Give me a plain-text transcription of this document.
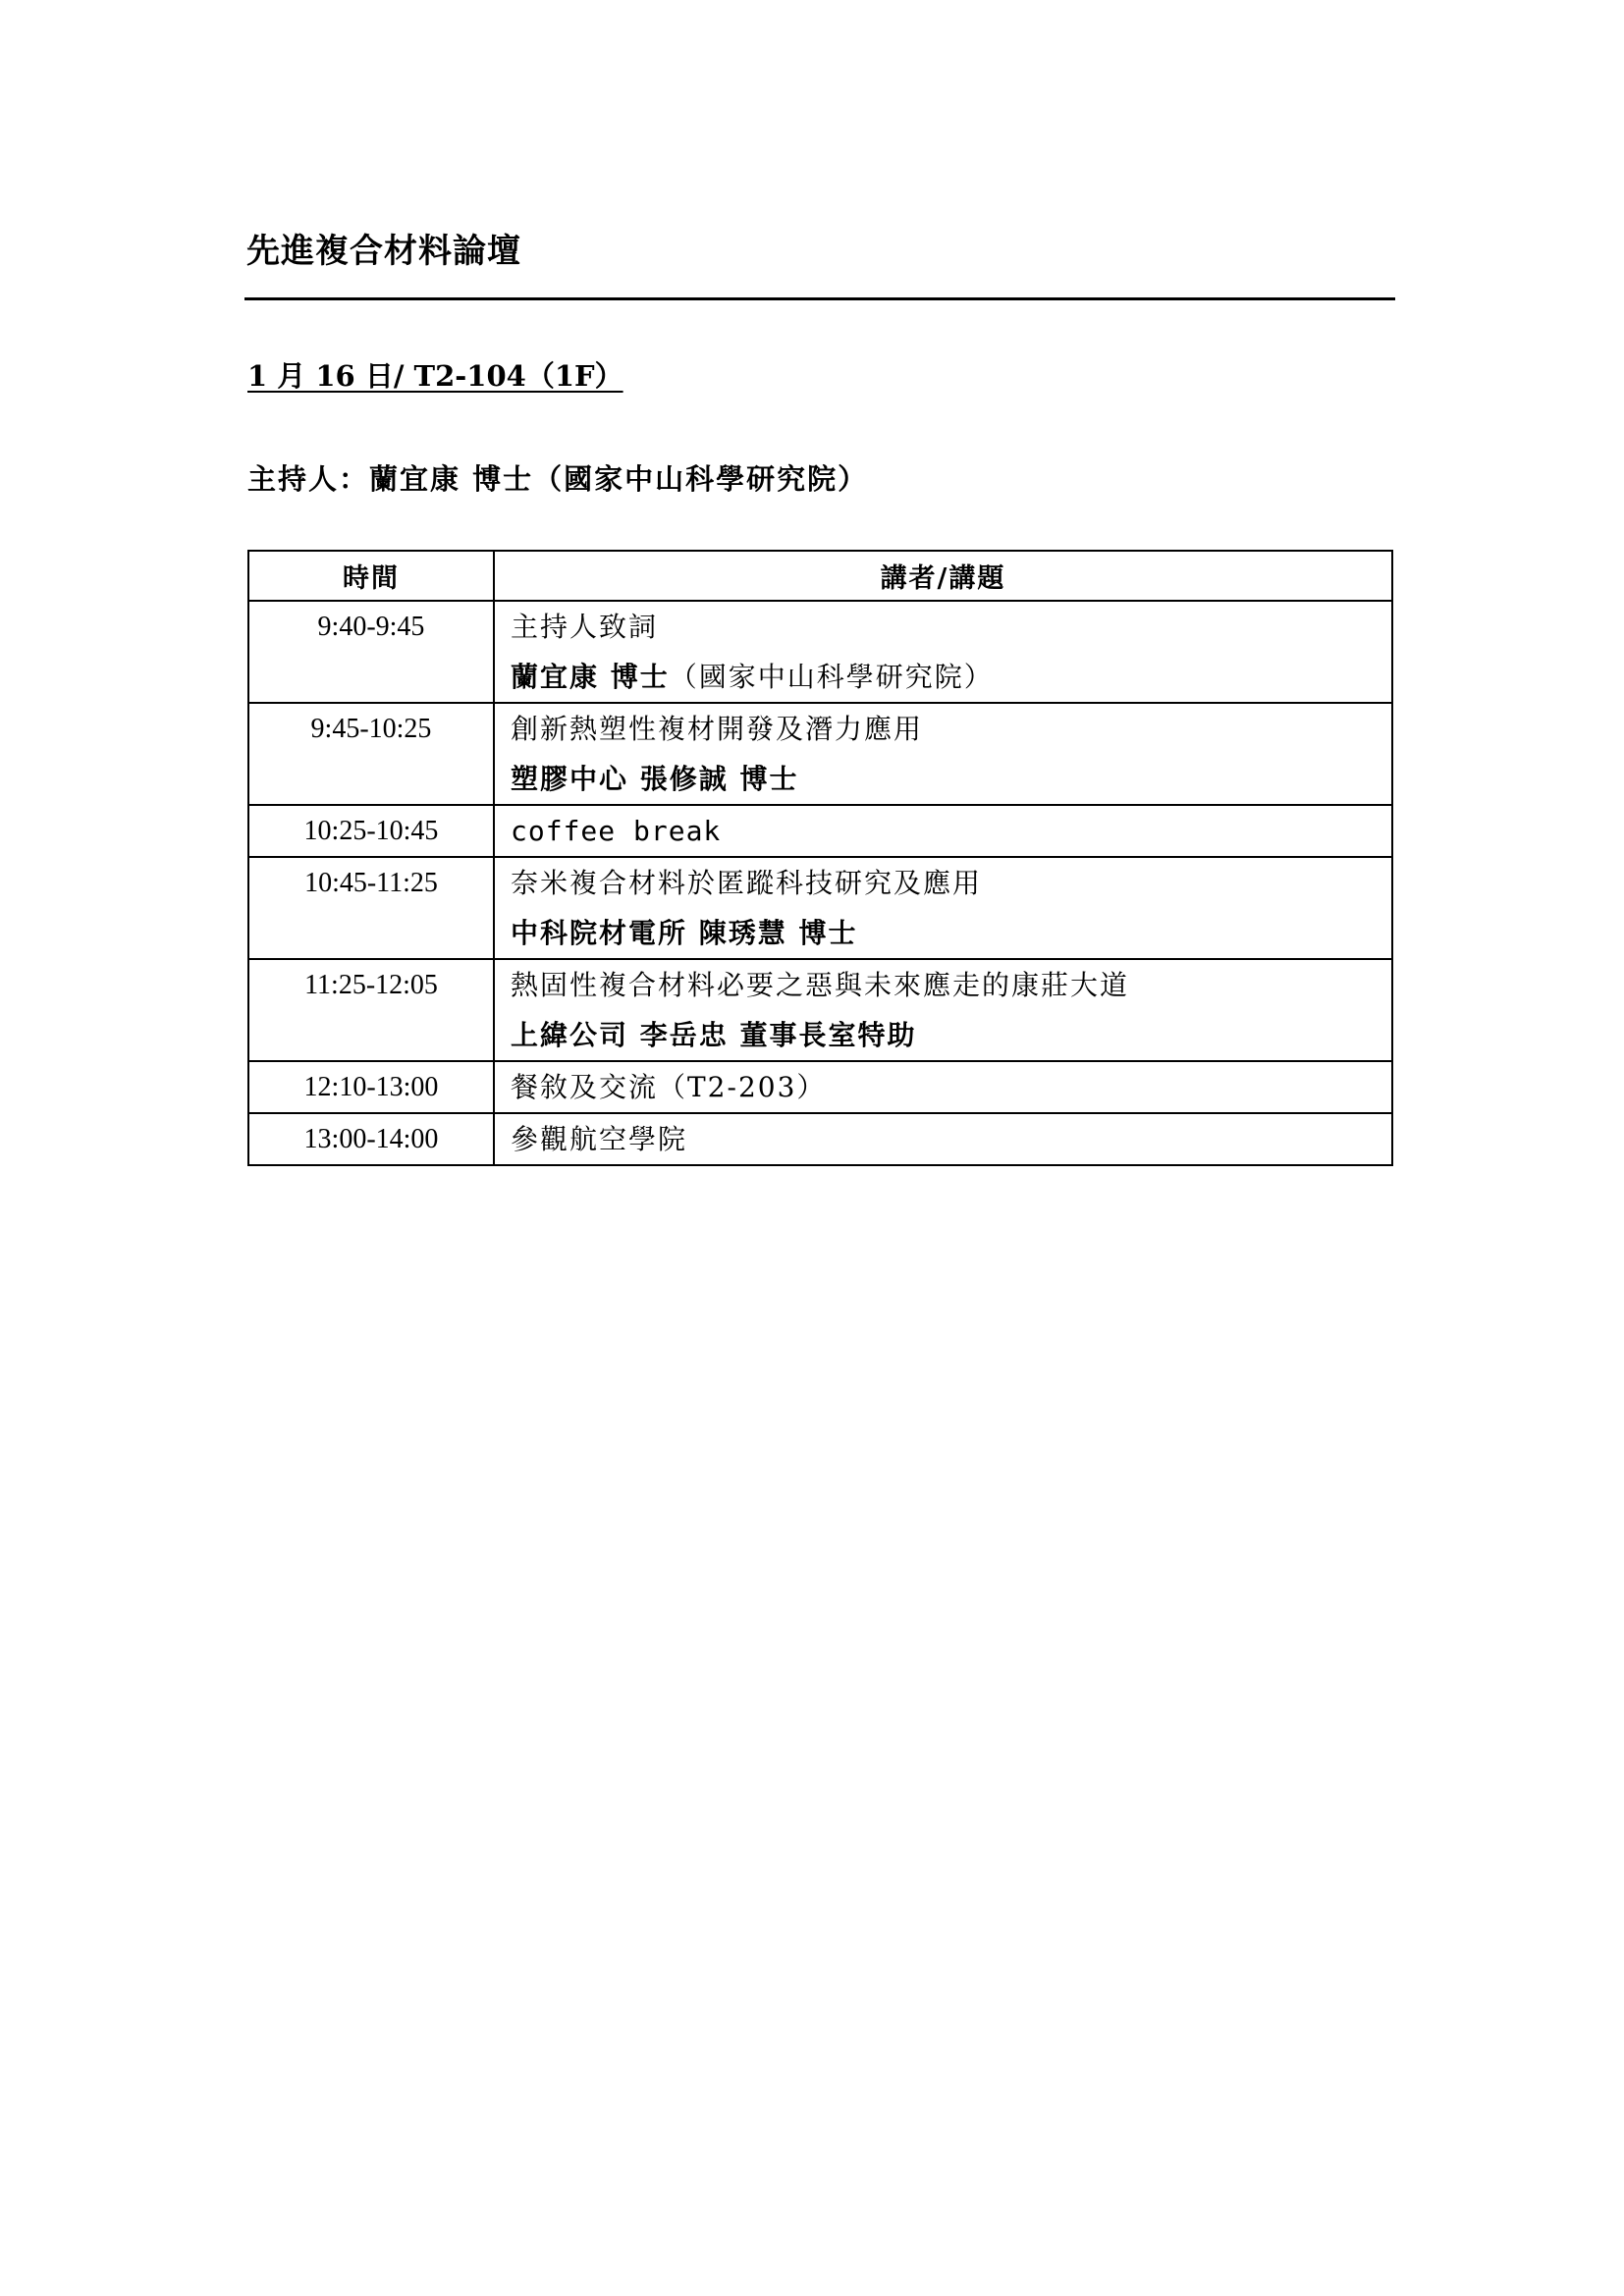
先進複合材料論壇
1 月 16 日/ T2-104（1F）
主持人：蘭宜康 博士（國家中山科學研究院）
時間	講者/講題
9:40-9:45	主持人致詞
蘭宜康 博士（國家中山科學研究院）

9:45-10:25	創新熱塑性複材開發及潛力應用
塑膠中心 張修誠 博士

10:25-10:45	coffee break

10:45-11:25	奈米複合材料於匿蹤科技研究及應用
中科院材電所 陳琇慧 博士

11:25-12:05	熱固性複合材料必要之惡與未來應走的康莊大道
上緯公司 李岳忠 董事長室特助

12:10-13:00	餐敘及交流（T2-203）

13:00-14:00	參觀航空學院
